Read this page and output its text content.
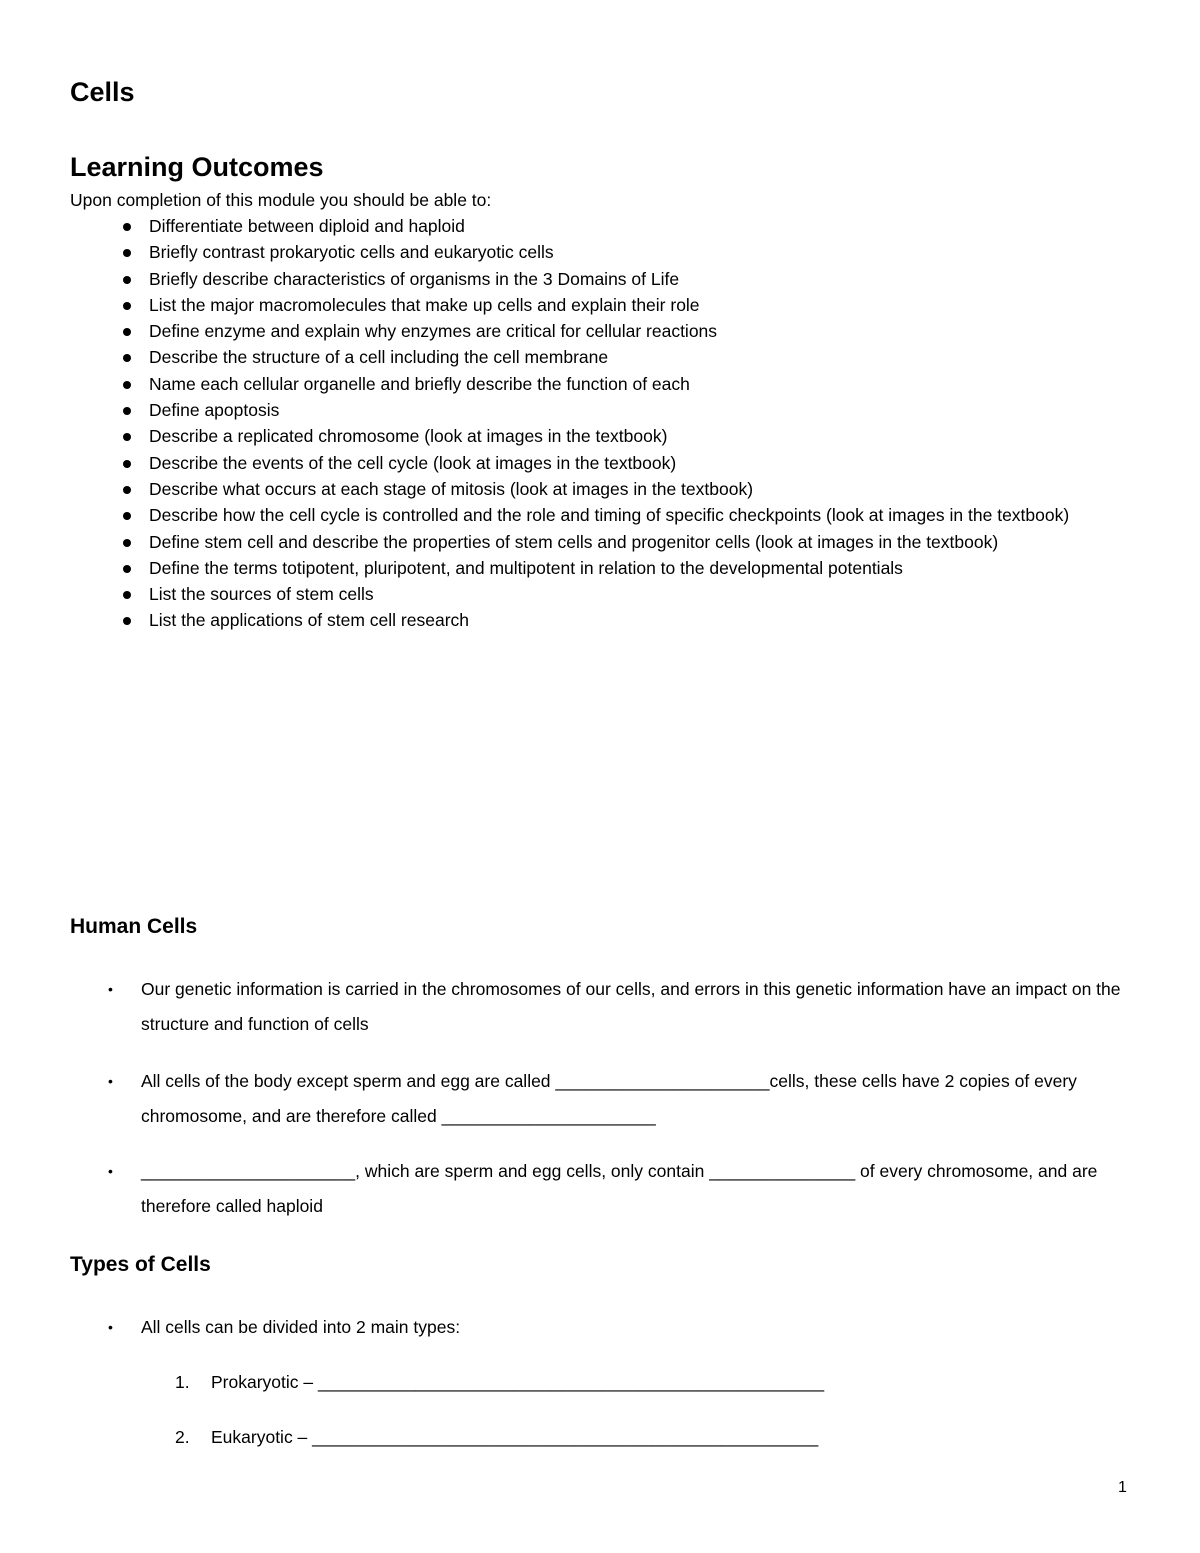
Cells
Learning Outcomes

Upon completion of this module you should be able to:

Differentiate between diploid and haploid
Briefly contrast prokaryotic cells and eukaryotic cells
Briefly describe characteristics of organisms in the 3 Domains of Life
List the major macromolecules that make up cells and explain their role
Define enzyme and explain why enzymes are critical for cellular reactions
Describe the structure of a cell including the cell membrane
Name each cellular organelle and briefly describe the function of each
Define apoptosis
Describe a replicated chromosome (look at images in the textbook)
Describe the events of the cell cycle (look at images in the textbook)
Describe what occurs at each stage of mitosis (look at images in the textbook)
Describe how the cell cycle is controlled and the role and timing of specific checkpoints (look at images in the textbook)
Define stem cell and describe the properties of stem cells and progenitor cells (look at images in the textbook)
Define the terms totipotent, pluripotent, and multipotent in relation to the developmental potentials
List the sources of stem cells
List the applications of stem cell research
Human Cells

• Our genetic information is carried in the chromosomes of our cells, and errors in this genetic information have an impact on the structure and function of cells

• All cells of the body except sperm and egg are called ______________________cells, these cells have 2 copies of every chromosome, and are therefore called ______________________

• ______________________, which are sperm and egg cells, only contain _______________ of every chromosome, and are therefore called haploid

Types of Cells

• All cells can be divided into 2 main types:

1. Prokaryotic – ____________________________________________________

2. Eukaryotic – ____________________________________________________

1
